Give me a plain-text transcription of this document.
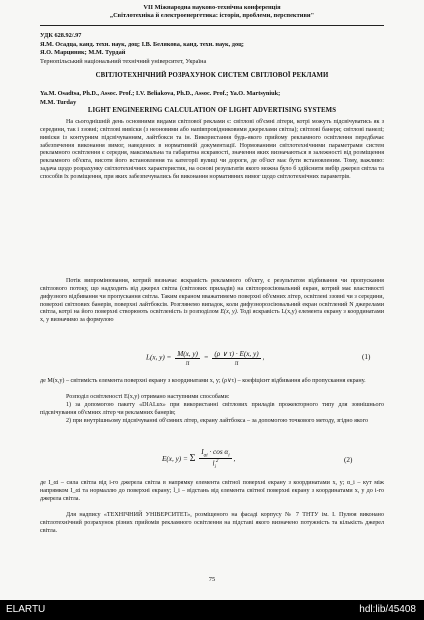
VII Міжнародна науково-технічна конференція
„Світлотехніка й електроенергетика: історія, проблеми, перспективи"
УДК 628.92/.97
Я.М. Осадца, канд. техн. наук, доц; І.В. Белякова, канд. техн. наук, доц;
Я.О. Марциняк; М.М. Турдай
Тернопільський національний технічний університет, Україна
СВІТЛОТЕХНІЧНИЙ РОЗРАХУНОК СИСТЕМ СВІТЛОВОЇ РЕКЛАМИ
Ya.M. Osadtsa, Ph.D., Assoc. Prof.; I.V. Beliakova, Ph.D., Assoc. Prof.; Ya.O. Martsyniuk;
M.M. Turday
LIGHT ENGINEERING CALCULATION OF LIGHT ADVERTISING SYSTEMS
На сьогоднішній день основними видами світлової реклами є: світлові об'ємні літери, котрі можуть підсвічуватись як з середини, так і ззовні; світлові вивіски (з неоновими або напівпровідниковими джерелами світла); світлові банери; світлові панелі; вивіски із контурним підсвічуванням, лайтбокси та ін. Використання будь-якого прийому рекламного освітлення передбачає забезпечення виконання вимог, наведених в нормативній документації. Нормованими світлотехнічними параметрами систем рекламного освітлення є середня, максимальна та габаритна яскравості, значення яких визначаються в залежності від розміщення рекламного об'єкта, висоти його встановлення та категорії вулиці чи дороги, де об'єкт має бути встановленим. Тому, важливо: задача щодо розрахунку світлотехнічних характеристик, на основі результатів якого можна було б здійснити вибір джерел світла та способів їх розміщення, при яких забезпечувались би виконання нормативних вимог щодо світлотехнічних параметрів.
Потік випромінювання, котрий визначає яскравість рекламного об'єкту, є результатом відбивання чи пропускання світлового потоку, що надходить від джерел світла (світлових приладів) на світлорозсіювальний екран, котрий має властивості дифузного відбивання чи пропускання світла. Таким екраном вважатимемо поверхні об'ємних літер, освітлені ззовні чи з середини, поверхні світлових банерів, поверхні лайтбоксів. Розглянемо випадок, коли дифузнорозсіювальний екран освітлений N джерелами світла, котрі на його поверхні створюють освітленість із розподілом E(x, y). Тоді яскравість L(x,y) елемента екрану з координатами x, y визначимо за формулою
L(x, $y) = \frac{M(x, y)}{\pi} = \frac{(\rho \vee \tau) \cdot E(x, y)}{\pi}$ ,	(1)
де M(x,y) – світимість елемента поверхні екрану з координатами x, y; (ρ∨τ) – коефіцієнт відбивання або пропускання екрану.
Розподіл освітленості E(x,y) отримано наступними способами:
1) за допомогою пакету «DIALux» при використанні світлових приладів прожекторного типу для зовнішнього підсвічування об'ємних літер чи рекламних банерів;
2) при внутрішньому підсвічуванні об'ємних літер, екрану лайтбокса – за допомогою точкового методу, згідно якого
E(x, y) = Σ $\frac{I_{\alpha i} \cdot \cos \alpha_i}{l_i^2}$ ,	(2)
де I_αi – сила світла від i-го джерела світла в напрямку елемента світної поверхні екрану з координатами x, y; α_i – кут між напрямком I_αi та нормаллю до поверхні екрану; l_i – відстань від елемента світної поверхні екрану з координатами x, y до i-го джерела світла.
Для надпису «ТЕХНІЧНИЙ УНІВЕРСИТЕТ», розміщеного на фасаді корпусу № 7 ТНТУ ім. І. Пулюя виконано світлотехнічний розрахунок різних прийомів рекламного освітлення на підставі якого визначено потужність та кількість джерел світла.
75
ELARTU	hdl:lib/45408
